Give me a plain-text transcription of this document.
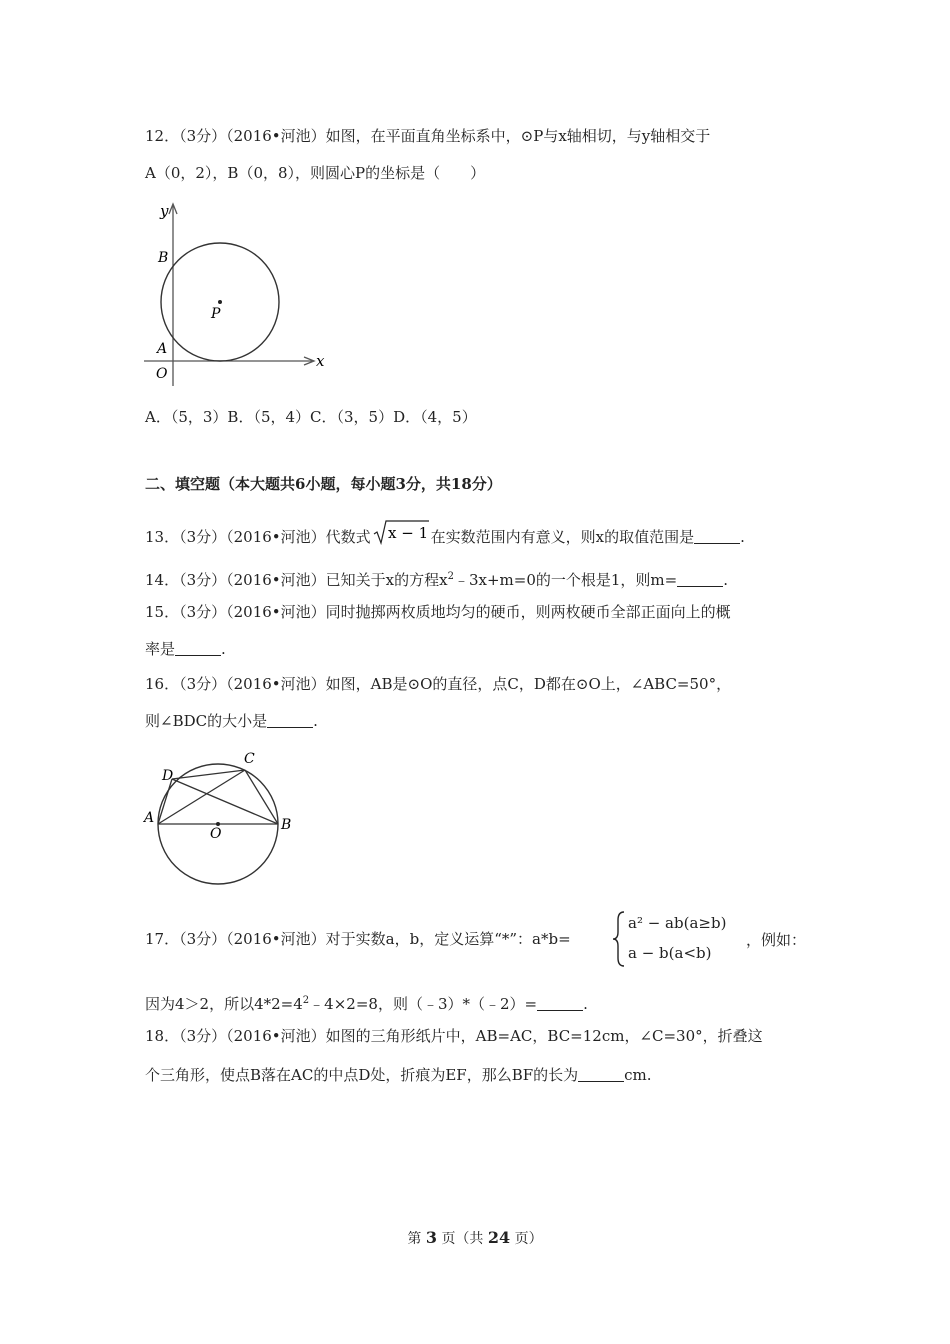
12．（3分）（2016•河池）如图，在平面直角坐标系中，⊙P与x轴相切，与y轴相交于
A（0，2），B（0，8），则圆心P的坐标是（　　）
y
x
B
A
O
P
A．（5，3）B．（5，4）C．（3，5）D．（4，5）
二、填空题（本大题共6小题，每小题3分，共18分）
13．（3分）（2016•河池）代数式 x − 1 在实数范围内有意义，则x的取值范围是	.
14．（3分）（2016•河池）已知关于x的方程$x^2﹣3x+m=0$的一个根是1，则m=	.
15．（3分）（2016•河池）同时抛掷两枚质地均匀的硬币，则两枚硬币全部正面向上的概
率是	.
16．（3分）（2016•河池）如图，AB是⊙O的直径，点C，D都在⊙O上，∠ABC=50°，
则∠BDC的大小是	.
D
C
A
O
B
17．（3分）（2016•河池）对于实数a，b，定义运算“*”：a*b=
a² − ab(a≥b)
a − b(a<b)
，例如：
因为4＞2，所以$4*2=4^2﹣4\times 2=8$，则（﹣3）*（﹣2）=	.
18．（3分）（2016•河池）如图的三角形纸片中，AB=AC，BC=12cm，∠C=30°，折叠这
个三角形，使点B落在AC的中点D处，折痕为EF，那么BF的长为	cm.
第 3 页（共 24 页）
